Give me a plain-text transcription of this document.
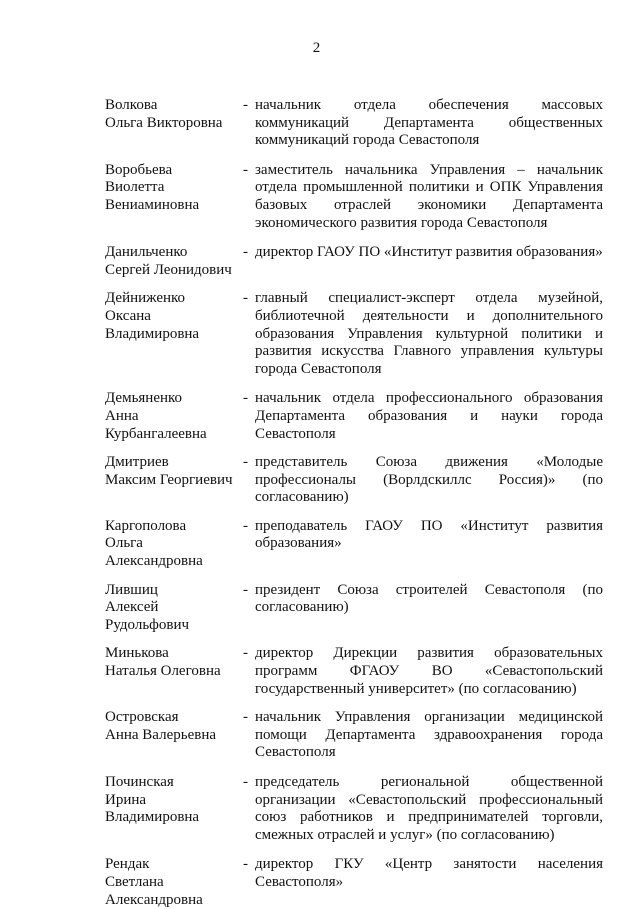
2
Волкова
Ольга Викторовна
- начальник отдела обеспечения массовых коммуникаций Департамента общественных коммуникаций города Севастополя
Воробьева
Виолетта
Вениаминовна
- заместитель начальника Управления – начальник отдела промышленной политики и ОПК Управления базовых отраслей экономики Департамента экономического развития города Севастополя
Данильченко
Сергей Леонидович
- директор ГАОУ ПО «Институт развития образования»
Дейниженко
Оксана
Владимировна
- главный специалист-эксперт отдела музейной, библиотечной деятельности и дополнительного образования Управления культурной политики и развития искусства Главного управления культуры города Севастополя
Демьяненко
Анна
Курбангалеевна
- начальник отдела профессионального образования Департамента образования и науки города Севастополя
Дмитриев
Максим Георгиевич
- представитель Союза движения «Молодые профессионалы (Ворлдскиллс Россия)» (по согласованию)
Каргополова
Ольга
Александровна
- преподаватель ГАОУ ПО «Институт развития образования»
Лившиц
Алексей
Рудольфович
- президент Союза строителей Севастополя (по согласованию)
Минькова
Наталья Олеговна
- директор Дирекции развития образовательных программ ФГАОУ ВО «Севастопольский государственный университет» (по согласованию)
Островская
Анна Валерьевна
- начальник Управления организации медицинской помощи Департамента здравоохранения города Севастополя
Починская
Ирина
Владимировна
- председатель региональной общественной организации «Севастопольский профессиональный союз работников и предпринимателей торговли, смежных отраслей и услуг» (по согласованию)
Рендак
Светлана
Александровна
- директор ГКУ «Центр занятости населения Севастополя»
